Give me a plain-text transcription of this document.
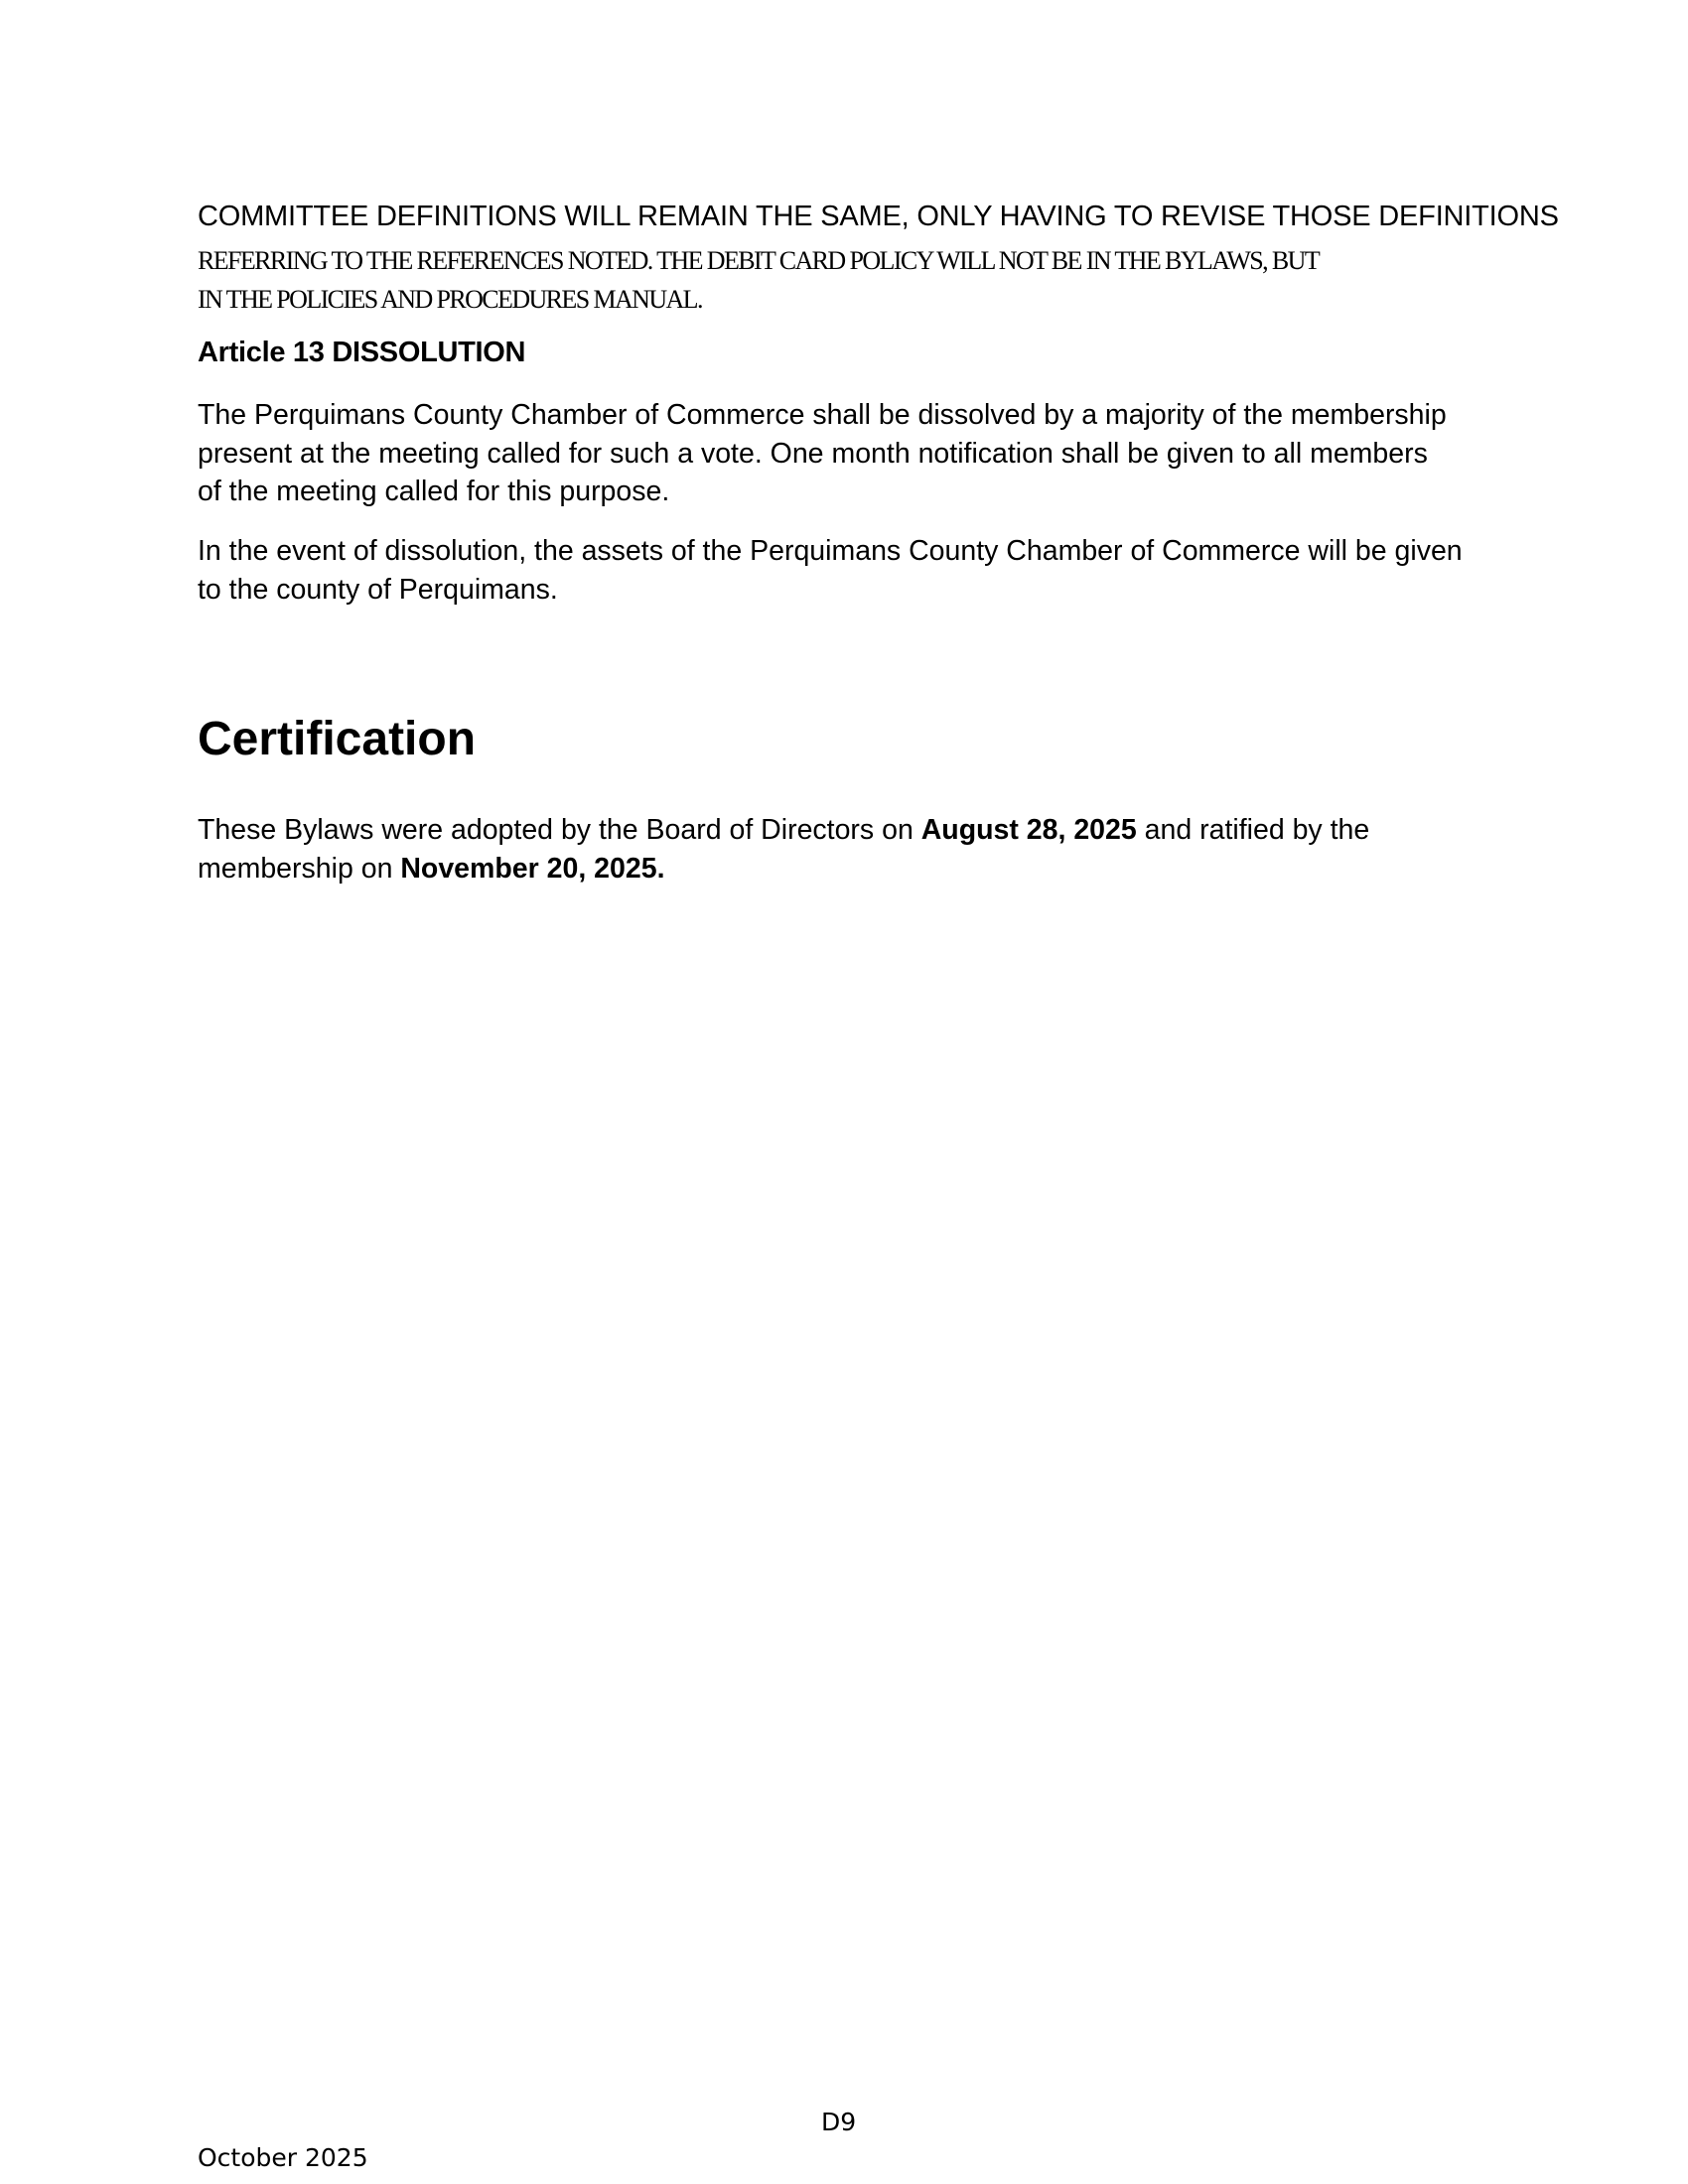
COMMITTEE DEFINITIONS WILL REMAIN THE SAME, ONLY HAVING TO REVISE THOSE DEFINITIONS
REFERRING TO THE REFERENCES NOTED. THE DEBIT CARD POLICY WILL NOT BE IN THE BYLAWS, BUT
IN THE POLICIES AND PROCEDURES MANUAL.
Article 13 DISSOLUTION
The Perquimans County Chamber of Commerce shall be dissolved by a majority of the membership
present at the meeting called for such a vote. One month notification shall be given to all members
of the meeting called for this purpose.
In the event of dissolution, the assets of the Perquimans County Chamber of Commerce will be given
to the county of Perquimans.
Certification
These Bylaws were adopted by the Board of Directors on August 28, 2025 and ratified by the
membership on November 20, 2025.
D9
October 2025
